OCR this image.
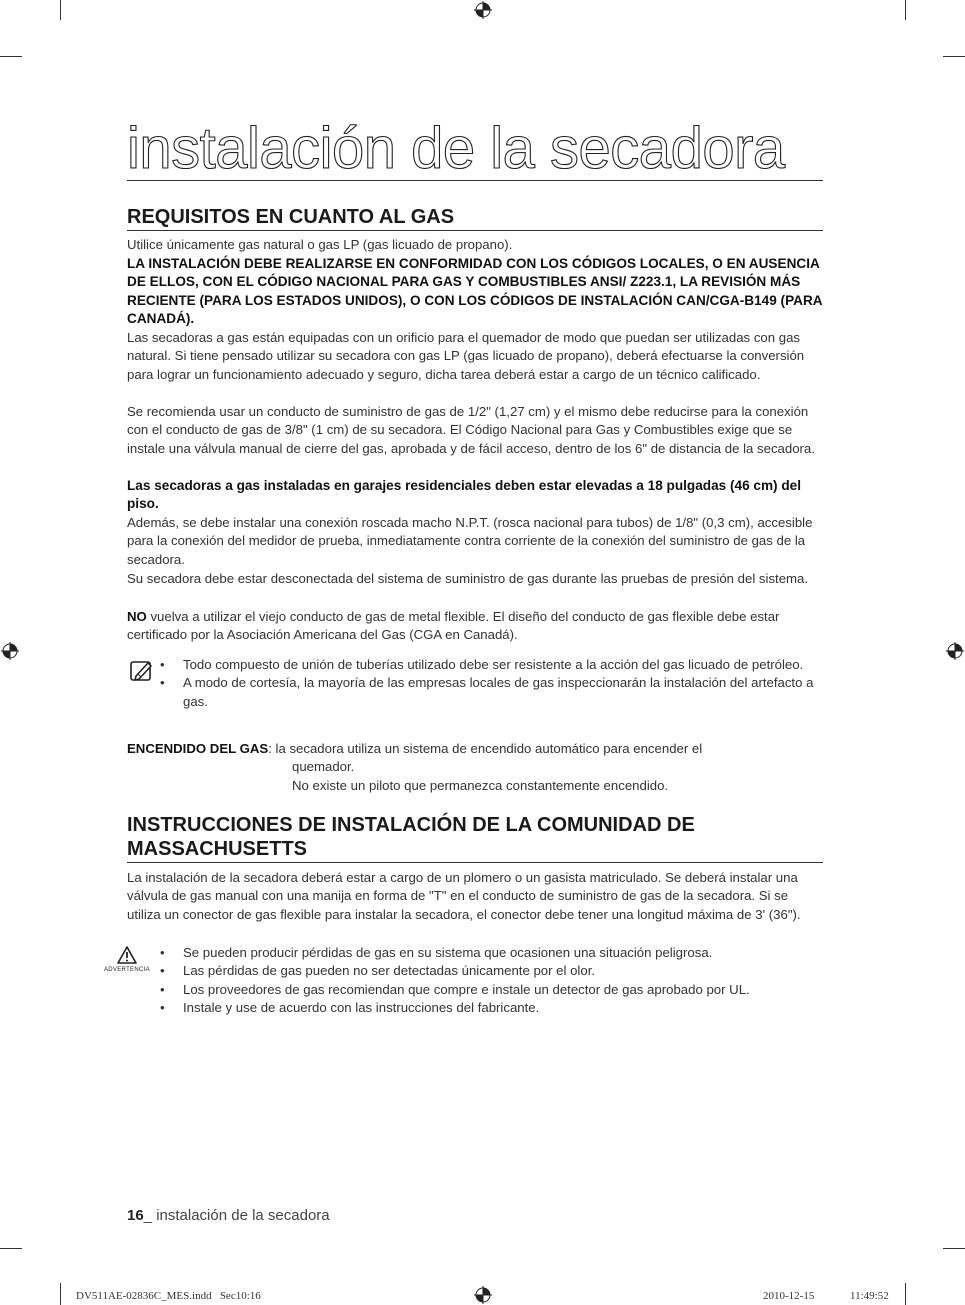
instalación de la secadora
REQUISITOS EN CUANTO AL GAS
Utilice únicamente gas natural o gas LP (gas licuado de propano).
LA INSTALACIÓN DEBE REALIZARSE EN CONFORMIDAD CON LOS CÓDIGOS LOCALES, O EN AUSENCIA DE ELLOS, CON EL CÓDIGO NACIONAL PARA GAS Y COMBUSTIBLES ANSI/ Z223.1, LA REVISIÓN MÁS RECIENTE (PARA LOS ESTADOS UNIDOS), O CON LOS CÓDIGOS DE INSTALACIÓN CAN/CGA-B149 (PARA CANADÁ).
Las secadoras a gas están equipadas con un orificio para el quemador de modo que puedan ser utilizadas con gas natural. Si tiene pensado utilizar su secadora con gas LP (gas licuado de propano), deberá efectuarse la conversión para lograr un funcionamiento adecuado y seguro, dicha tarea deberá estar a cargo de un técnico calificado.
Se recomienda usar un conducto de suministro de gas de 1/2" (1,27 cm) y el mismo debe reducirse para la conexión con el conducto de gas de 3/8" (1 cm) de su secadora. El Código Nacional para Gas y Combustibles exige que se instale una válvula manual de cierre del gas, aprobada y de fácil acceso, dentro de los 6" de distancia de la secadora.
Las secadoras a gas instaladas en garajes residenciales deben estar elevadas a 18 pulgadas (46 cm) del piso.
Además, se debe instalar una conexión roscada macho N.P.T. (rosca nacional para tubos) de 1/8" (0,3 cm), accesible para la conexión del medidor de prueba, inmediatamente contra corriente de la conexión del suministro de gas de la secadora.
Su secadora debe estar desconectada del sistema de suministro de gas durante las pruebas de presión del sistema.
NO vuelva a utilizar el viejo conducto de gas de metal flexible. El diseño del conducto de gas flexible debe estar certificado por la Asociación Americana del Gas (CGA en Canadá).
• Todo compuesto de unión de tuberías utilizado debe ser resistente a la acción del gas licuado de petróleo.
• A modo de cortesía, la mayoría de las empresas locales de gas inspeccionarán la instalación del artefacto a gas.
ENCENDIDO DEL GAS: la secadora utiliza un sistema de encendido automático para encender el
quemador.
No existe un piloto que permanezca constantemente encendido.
INSTRUCCIONES DE INSTALACIÓN DE LA COMUNIDAD DE
MASSACHUSETTS
La instalación de la secadora deberá estar a cargo de un plomero o un gasista matriculado. Se deberá instalar una válvula de gas manual con una manija en forma de "T" en el conducto de suministro de gas de la secadora. Si se utiliza un conector de gas flexible para instalar la secadora, el conector debe tener una longitud máxima de 3' (36").
ADVERTENCIA
• Se pueden producir pérdidas de gas en su sistema que ocasionen una situación peligrosa.
• Las pérdidas de gas pueden no ser detectadas únicamente por el olor.
• Los proveedores de gas recomiendan que compre e instale un detector de gas aprobado por UL.
• Instale y use de acuerdo con las instrucciones del fabricante.
16_ instalación de la secadora
DV511AE-02836C_MES.indd   Sec10:16	2010-12-15	11:49:52
